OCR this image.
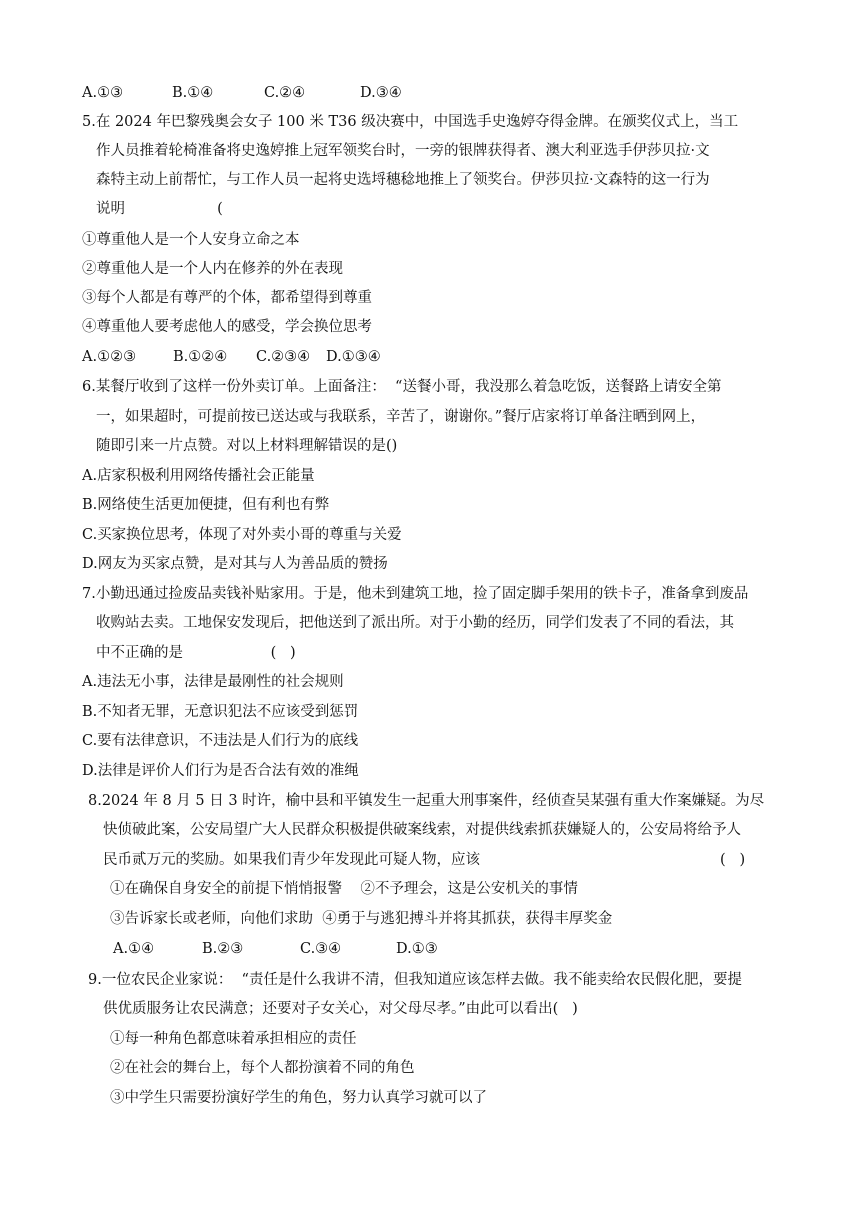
A.①③	B.①④	C.②④	D.③④
5.在 2024 年巴黎残奥会女子 100 米 T36 级决赛中，中国选手史逸婷夺得金牌。在颁奖仪式上，当工
作人员推着轮椅准备将史逸婷推上冠军领奖台时，一旁的银牌获得者、澳大利亚选手伊莎贝拉·文
森特主动上前帮忙，与工作人员一起将史选埒穗稔地推上了领奖台。伊莎贝拉·文森特的这一行为
说明                    (
①尊重他人是一个人安身立命之本
②尊重他人是一个人内在修养的外在表现
③每个人都是有尊严的个体，都希望得到尊重
④尊重他人要考虑他人的感受，学会换位思考
A.①②③	B.①②④ C.②③④ D.①③④
6.某餐厅收到了这样一份外卖订单。上面备注：  “送餐小哥，我没那么着急吃饭，送餐路上请安全第
一，如果超时，可提前按已送达或与我联系，辛苦了，谢谢你。”餐厅店家将订单备注晒到网上，
随即引来一片点赞。对以上材料理解错误的是()
A.店家积极利用网络传播社会正能量
B.网络使生活更加便捷，但有利也有弊
C.买家换位思考，体现了对外卖小哥的尊重与关爱
D.网友为买家点赞，是对其与人为善品质的赞扬
7.小勤迅通过捡废品卖钱补贴家用。于是，他未到建筑工地，捡了固定脚手架用的铁卡子，准备拿到废品
收购站去卖。工地保安发现后，把他送到了派出所。对于小勤的经历，同学们发表了不同的看法，其
中不正确的是                   (   )
A.违法无小事，法律是最刚性的社会规则
B.不知者无罪，无意识犯法不应该受到惩罚
C.要有法律意识，不违法是人们行为的底线
D.法律是评价人们行为是否合法有效的准绳
8.2024 年 8 月 5 日 3 时许，榆中县和平镇发生一起重大刑事案件，经侦查吴某强有重大作案嫌疑。为尽
快侦破此案，公安局望广大人民群众积极提供破案线索，对提供线索抓获嫌疑人的，公安局将给予人
民币贰万元的奖励。如果我们青少年发现此可疑人物，应该	(   )
①在确保自身安全的前提下悄悄报警    ②不予理会，这是公安机关的事情
③告诉家长或老师，向他们求助  ④勇于与逃犯搏斗并将其抓获，获得丰厚奖金
A.①④	B.②③	C.③④	D.①③
9.一位农民企业家说：  “责任是什么我讲不清，但我知道应该怎样去做。我不能卖给农民假化肥，要提
供优质服务让农民满意；还要对子女关心，对父母尽孝。”由此可以看出(   )
①每一种角色都意味着承担相应的责任
②在社会的舞台上，每个人都扮演着不同的角色
③中学生只需要扮演好学生的角色，努力认真学习就可以了
